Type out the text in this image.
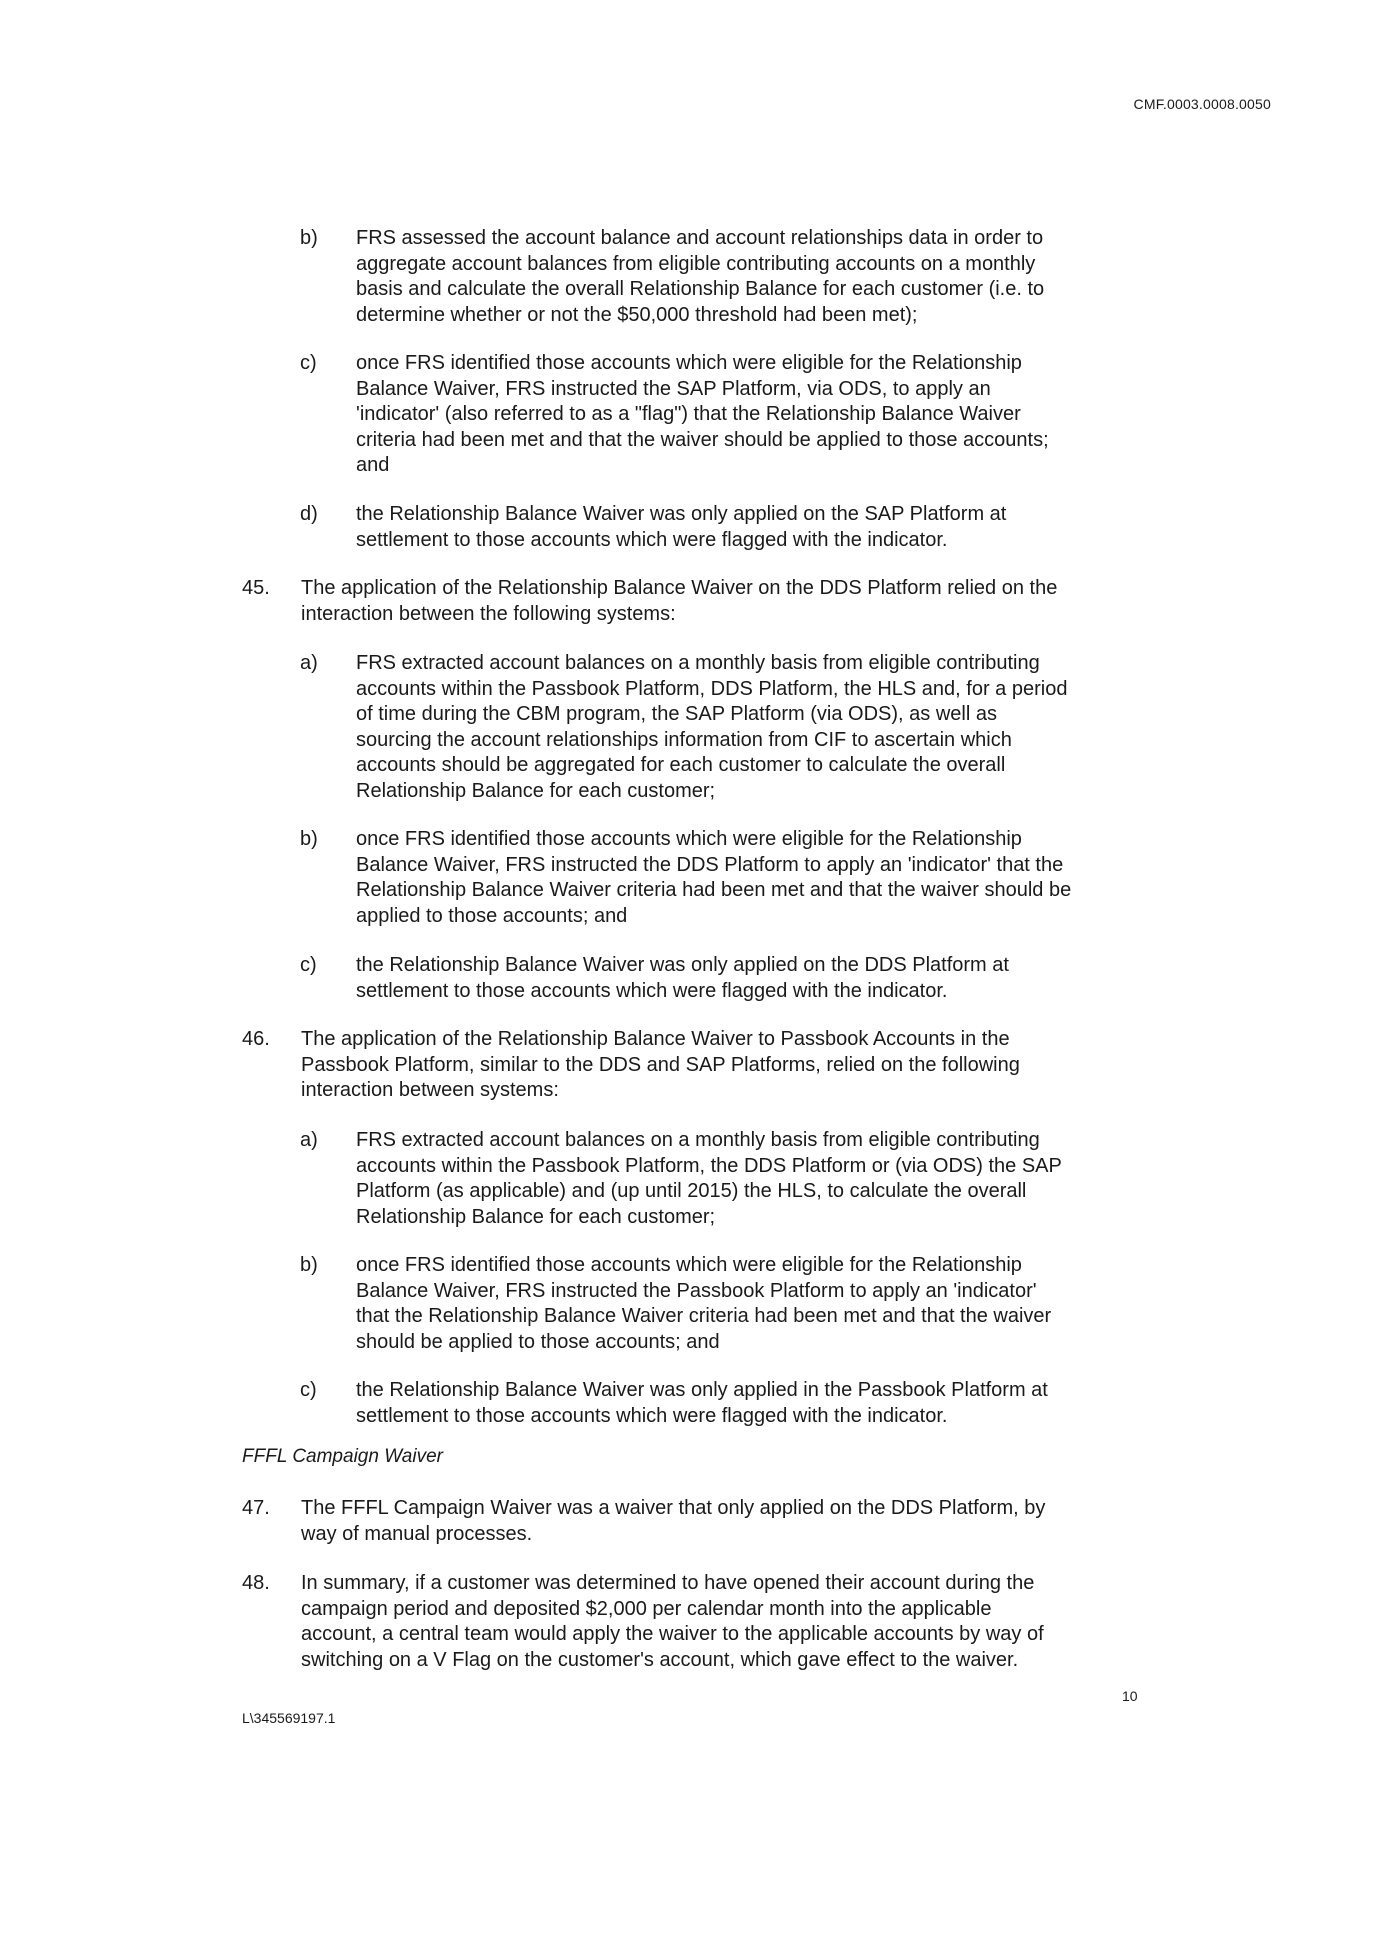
CMF.0003.0008.0050
b) FRS assessed the account balance and account relationships data in order to
aggregate account balances from eligible contributing accounts on a monthly
basis and calculate the overall Relationship Balance for each customer (i.e. to
determine whether or not the $50,000 threshold had been met);
c) once FRS identified those accounts which were eligible for the Relationship
Balance Waiver, FRS instructed the SAP Platform, via ODS, to apply an
'indicator' (also referred to as a "flag") that the Relationship Balance Waiver
criteria had been met and that the waiver should be applied to those accounts;
and
d) the Relationship Balance Waiver was only applied on the SAP Platform at
settlement to those accounts which were flagged with the indicator.
45. The application of the Relationship Balance Waiver on the DDS Platform relied on the
interaction between the following systems:
a) FRS extracted account balances on a monthly basis from eligible contributing
accounts within the Passbook Platform, DDS Platform, the HLS and, for a period
of time during the CBM program, the SAP Platform (via ODS), as well as
sourcing the account relationships information from CIF to ascertain which
accounts should be aggregated for each customer to calculate the overall
Relationship Balance for each customer;
b) once FRS identified those accounts which were eligible for the Relationship
Balance Waiver, FRS instructed the DDS Platform to apply an 'indicator' that the
Relationship Balance Waiver criteria had been met and that the waiver should be
applied to those accounts; and
c) the Relationship Balance Waiver was only applied on the DDS Platform at
settlement to those accounts which were flagged with the indicator.
46. The application of the Relationship Balance Waiver to Passbook Accounts in the
Passbook Platform, similar to the DDS and SAP Platforms, relied on the following
interaction between systems:
a) FRS extracted account balances on a monthly basis from eligible contributing
accounts within the Passbook Platform, the DDS Platform or (via ODS) the SAP
Platform (as applicable) and (up until 2015) the HLS, to calculate the overall
Relationship Balance for each customer;
b) once FRS identified those accounts which were eligible for the Relationship
Balance Waiver, FRS instructed the Passbook Platform to apply an 'indicator'
that the Relationship Balance Waiver criteria had been met and that the waiver
should be applied to those accounts; and
c) the Relationship Balance Waiver was only applied in the Passbook Platform at
settlement to those accounts which were flagged with the indicator.
FFFL Campaign Waiver
47. The FFFL Campaign Waiver was a waiver that only applied on the DDS Platform, by
way of manual processes.
48. In summary, if a customer was determined to have opened their account during the
campaign period and deposited $2,000 per calendar month into the applicable
account, a central team would apply the waiver to the applicable accounts by way of
switching on a V Flag on the customer's account, which gave effect to the waiver.
10
L\345569197.1
